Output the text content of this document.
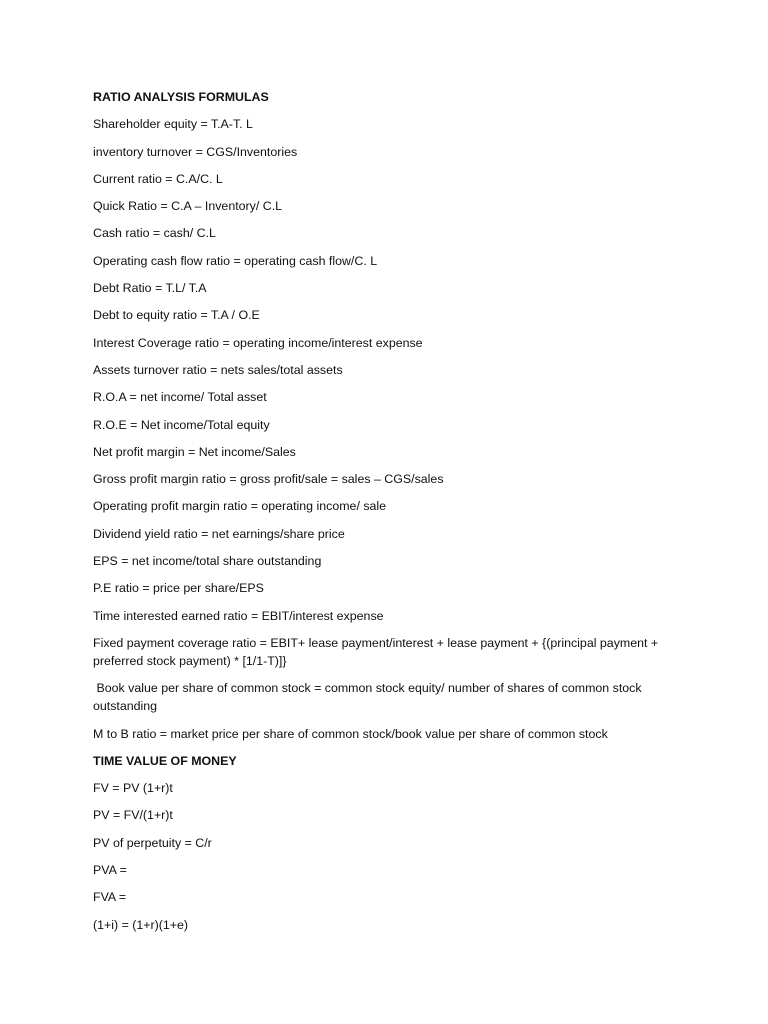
RATIO ANALYSIS FORMULAS
Shareholder equity = T.A-T. L
inventory turnover = CGS/Inventories
Current ratio = C.A/C. L
Quick Ratio = C.A – Inventory/ C.L
Cash ratio = cash/ C.L
Operating cash flow ratio = operating cash flow/C. L
Debt Ratio = T.L/ T.A
Debt to equity ratio = T.A / O.E
Interest Coverage ratio = operating income/interest expense
Assets turnover ratio = nets sales/total assets
R.O.A = net income/ Total asset
R.O.E = Net income/Total equity
Net profit margin = Net income/Sales
Gross profit margin ratio = gross profit/sale = sales – CGS/sales
Operating profit margin ratio = operating income/ sale
Dividend yield ratio = net earnings/share price
EPS = net income/total share outstanding
P.E ratio = price per share/EPS
Time interested earned ratio = EBIT/interest expense
Fixed payment coverage ratio = EBIT+ lease payment/interest + lease payment + {(principal payment + preferred stock payment) * [1/1-T)]}
Book value per share of common stock = common stock equity/ number of shares of common stock outstanding
M to B ratio = market price per share of common stock/book value per share of common stock
TIME VALUE OF MONEY
FV = PV (1+r)t
PV = FV/(1+r)t
PV of perpetuity = C/r
PVA =
FVA =
(1+i) = (1+r)(1+e)
